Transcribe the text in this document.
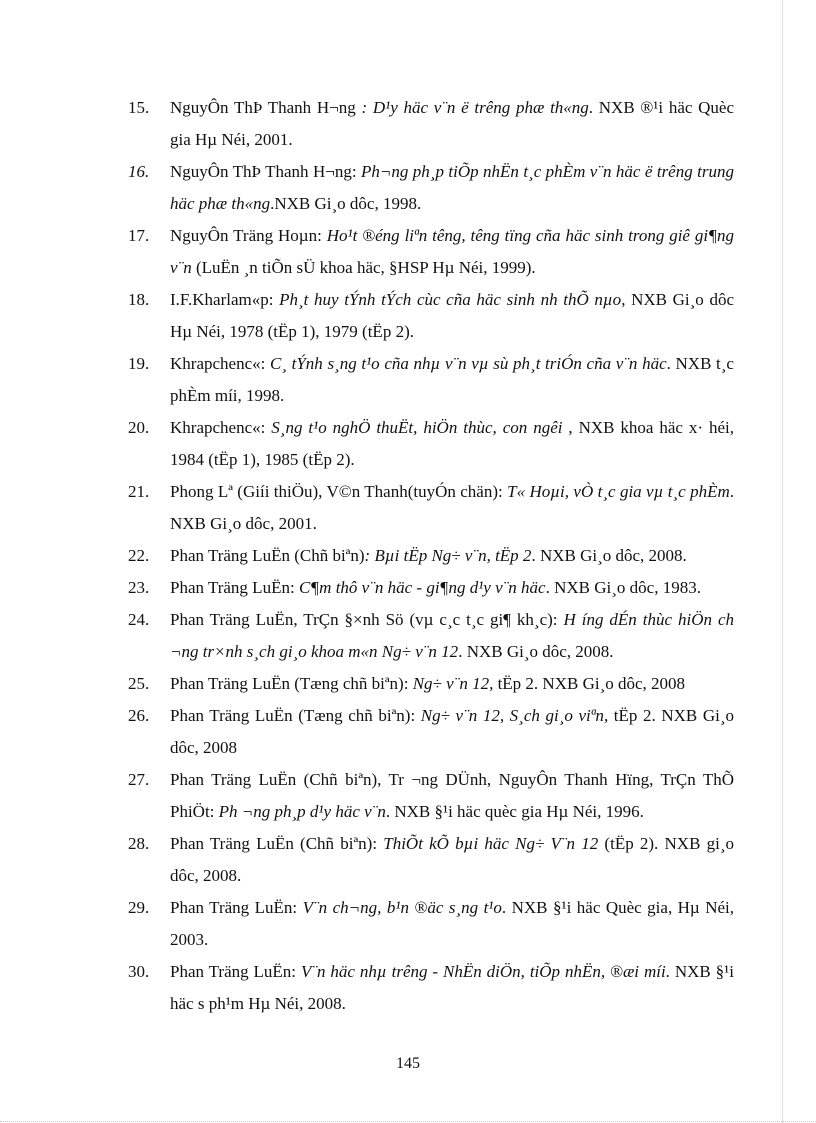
15.	NguyÔn ThÞ Thanh H¬ng : D¹y häc v¨n ë trêng phæ th«ng. NXB ®¹i häc Quèc gia Hµ Néi, 2001.
16.	NguyÔn ThÞ Thanh H¬ng: Ph¬ng ph¸p tiÕp nhËn t¸c phÈm v¨n häc ë trêng trung häc phæ th«ng.NXB Gi¸o dôc, 1998.
17.	NguyÔn Träng Hoµn: Ho¹t ®éng liªn têng, têng tïng cña häc sinh trong giê gi¶ng v¨n (LuËn ¸n tiÕn sÜ khoa häc, §HSP Hµ Néi, 1999).
18.	I.F.Kharlam«p: Ph¸t huy tÝnh tÝch cùc cña häc sinh nh thÕ nµo, NXB Gi¸o dôc Hµ Néi, 1978 (tËp 1), 1979 (tËp 2).
19.	Khrapchenc«: C¸ tÝnh s¸ng t¹o cña nhµ v¨n vµ sù ph¸t triÓn cña v¨n häc. NXB t¸c phÈm míi, 1998.
20.	Khrapchenc«: S¸ng t¹o nghÖ thuËt, hiÖn thùc, con ngêi , NXB khoa häc x· héi, 1984 (tËp 1), 1985 (tËp 2).
21.	Phong Lª (Giíi thiÖu), V©n Thanh(tuyÓn chän): T« Hoµi, vÒ t¸c gia vµ t¸c phÈm. NXB Gi¸o dôc, 2001.
22.	Phan Träng LuËn (Chñ biªn): Bµi tËp Ng÷ v¨n, tËp 2. NXB Gi¸o dôc, 2008.
23.	Phan Träng LuËn: C¶m thô v¨n häc - gi¶ng d¹y v¨n häc. NXB Gi¸o dôc, 1983.
24.	Phan Träng LuËn, TrÇn §×nh Sö (vµ c¸c t¸c gi¶ kh¸c): H íng dÉn thùc hiÖn ch ¬ng tr×nh s¸ch gi¸o khoa m«n Ng÷ v¨n 12. NXB Gi¸o dôc, 2008.
25.	Phan Träng LuËn (Tæng chñ biªn): Ng÷ v¨n 12, tËp 2. NXB Gi¸o dôc, 2008
26.	Phan Träng LuËn (Tæng chñ biªn): Ng÷ v¨n 12, S¸ch gi¸o viªn, tËp 2. NXB Gi¸o dôc, 2008
27.	Phan Träng LuËn (Chñ biªn), Tr ¬ng DÜnh, NguyÔn Thanh Hïng, TrÇn ThÕ PhiÖt: Ph ¬ng ph¸p d¹y häc v¨n. NXB §¹i häc quèc gia Hµ Néi, 1996.
28.	Phan Träng LuËn (Chñ biªn): ThiÕt kÕ bµi häc Ng÷ V¨n 12 (tËp 2). NXB gi¸o dôc, 2008.
29.	Phan Träng LuËn: V¨n ch¬ng, b¹n ®äc s¸ng t¹o. NXB §¹i häc Quèc gia, Hµ Néi, 2003.
30.	Phan Träng LuËn: V¨n häc nhµ trêng - NhËn diÖn, tiÕp nhËn, ®æi míi. NXB §¹i häc s ph¹m Hµ Néi, 2008.
145
